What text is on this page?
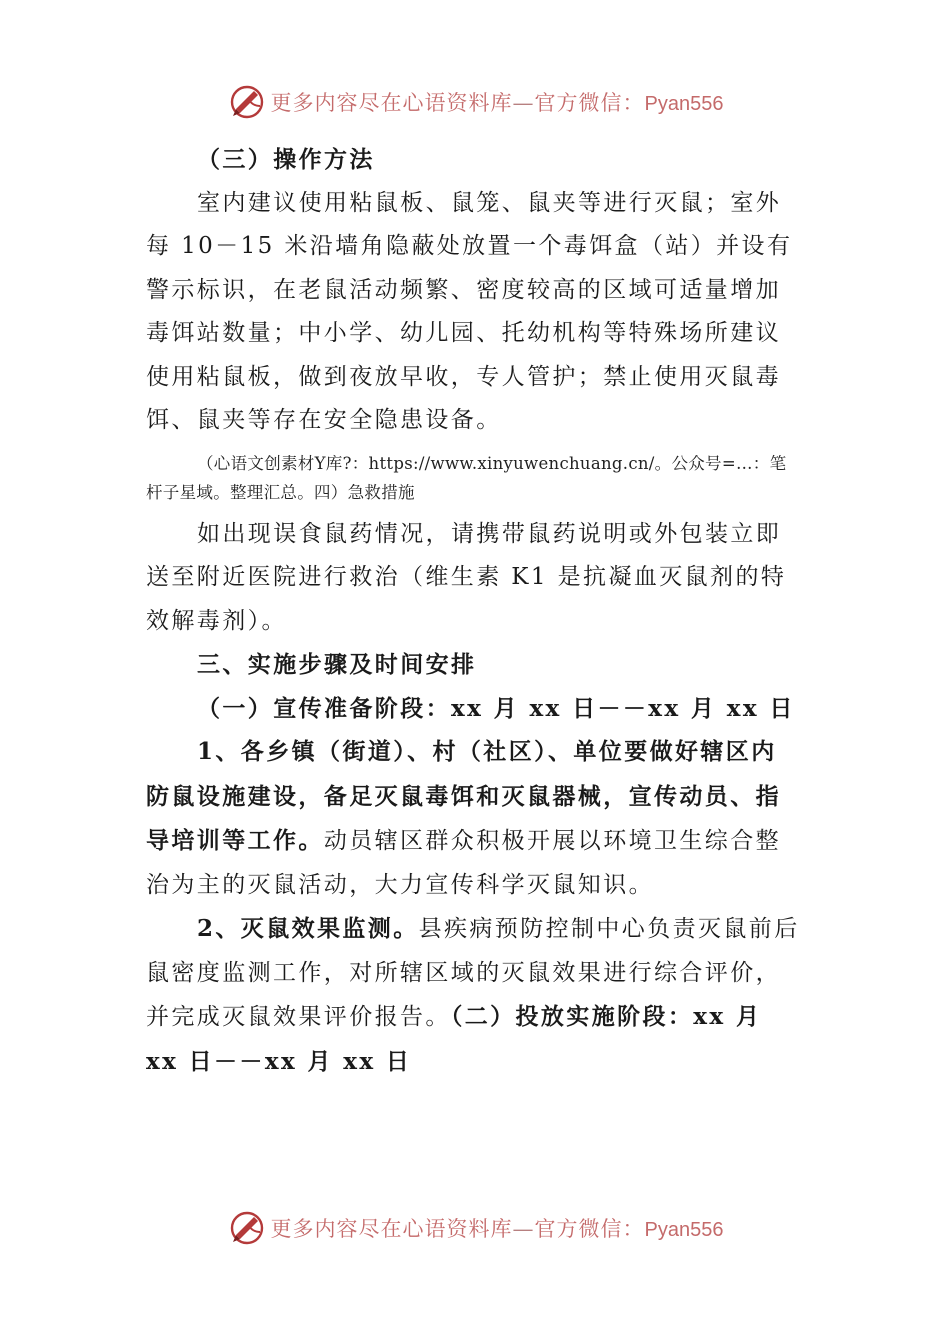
更多内容尽在心语资料库—官方微信：Pyan556

（三）操作方法

室内建议使用粘鼠板、鼠笼、鼠夹等进行灭鼠；室外每 10－15 米沿墙角隐蔽处放置一个毒饵盒（站）并设有警示标识，在老鼠活动频繁、密度较高的区域可适量增加毒饵站数量；中小学、幼儿园、托幼机构等特殊场所建议使用粘鼠板，做到夜放早收，专人管护；禁止使用灭鼠毒饵、鼠夹等存在安全隐患设备。

（心语文创素材Y库?：https://www.xinyuwenchuang.cn/。公众号=…：笔杆子星域。整理汇总。四）急救措施

如出现误食鼠药情况，请携带鼠药说明或外包装立即送至附近医院进行救治（维生素 K1 是抗凝血灭鼠剂的特效解毒剂）。

三、实施步骤及时间安排

（一）宣传准备阶段：xx 月 xx 日－－xx 月 xx 日

1、各乡镇（街道）、村（社区）、单位要做好辖区内防鼠设施建设，备足灭鼠毒饵和灭鼠器械，宣传动员、指导培训等工作。动员辖区群众积极开展以环境卫生综合整治为主的灭鼠活动，大力宣传科学灭鼠知识。

2、灭鼠效果监测。县疾病预防控制中心负责灭鼠前后鼠密度监测工作，对所辖区域的灭鼠效果进行综合评价，并完成灭鼠效果评价报告。（二）投放实施阶段：xx 月 xx 日－－xx 月 xx 日

更多内容尽在心语资料库—官方微信：Pyan556
